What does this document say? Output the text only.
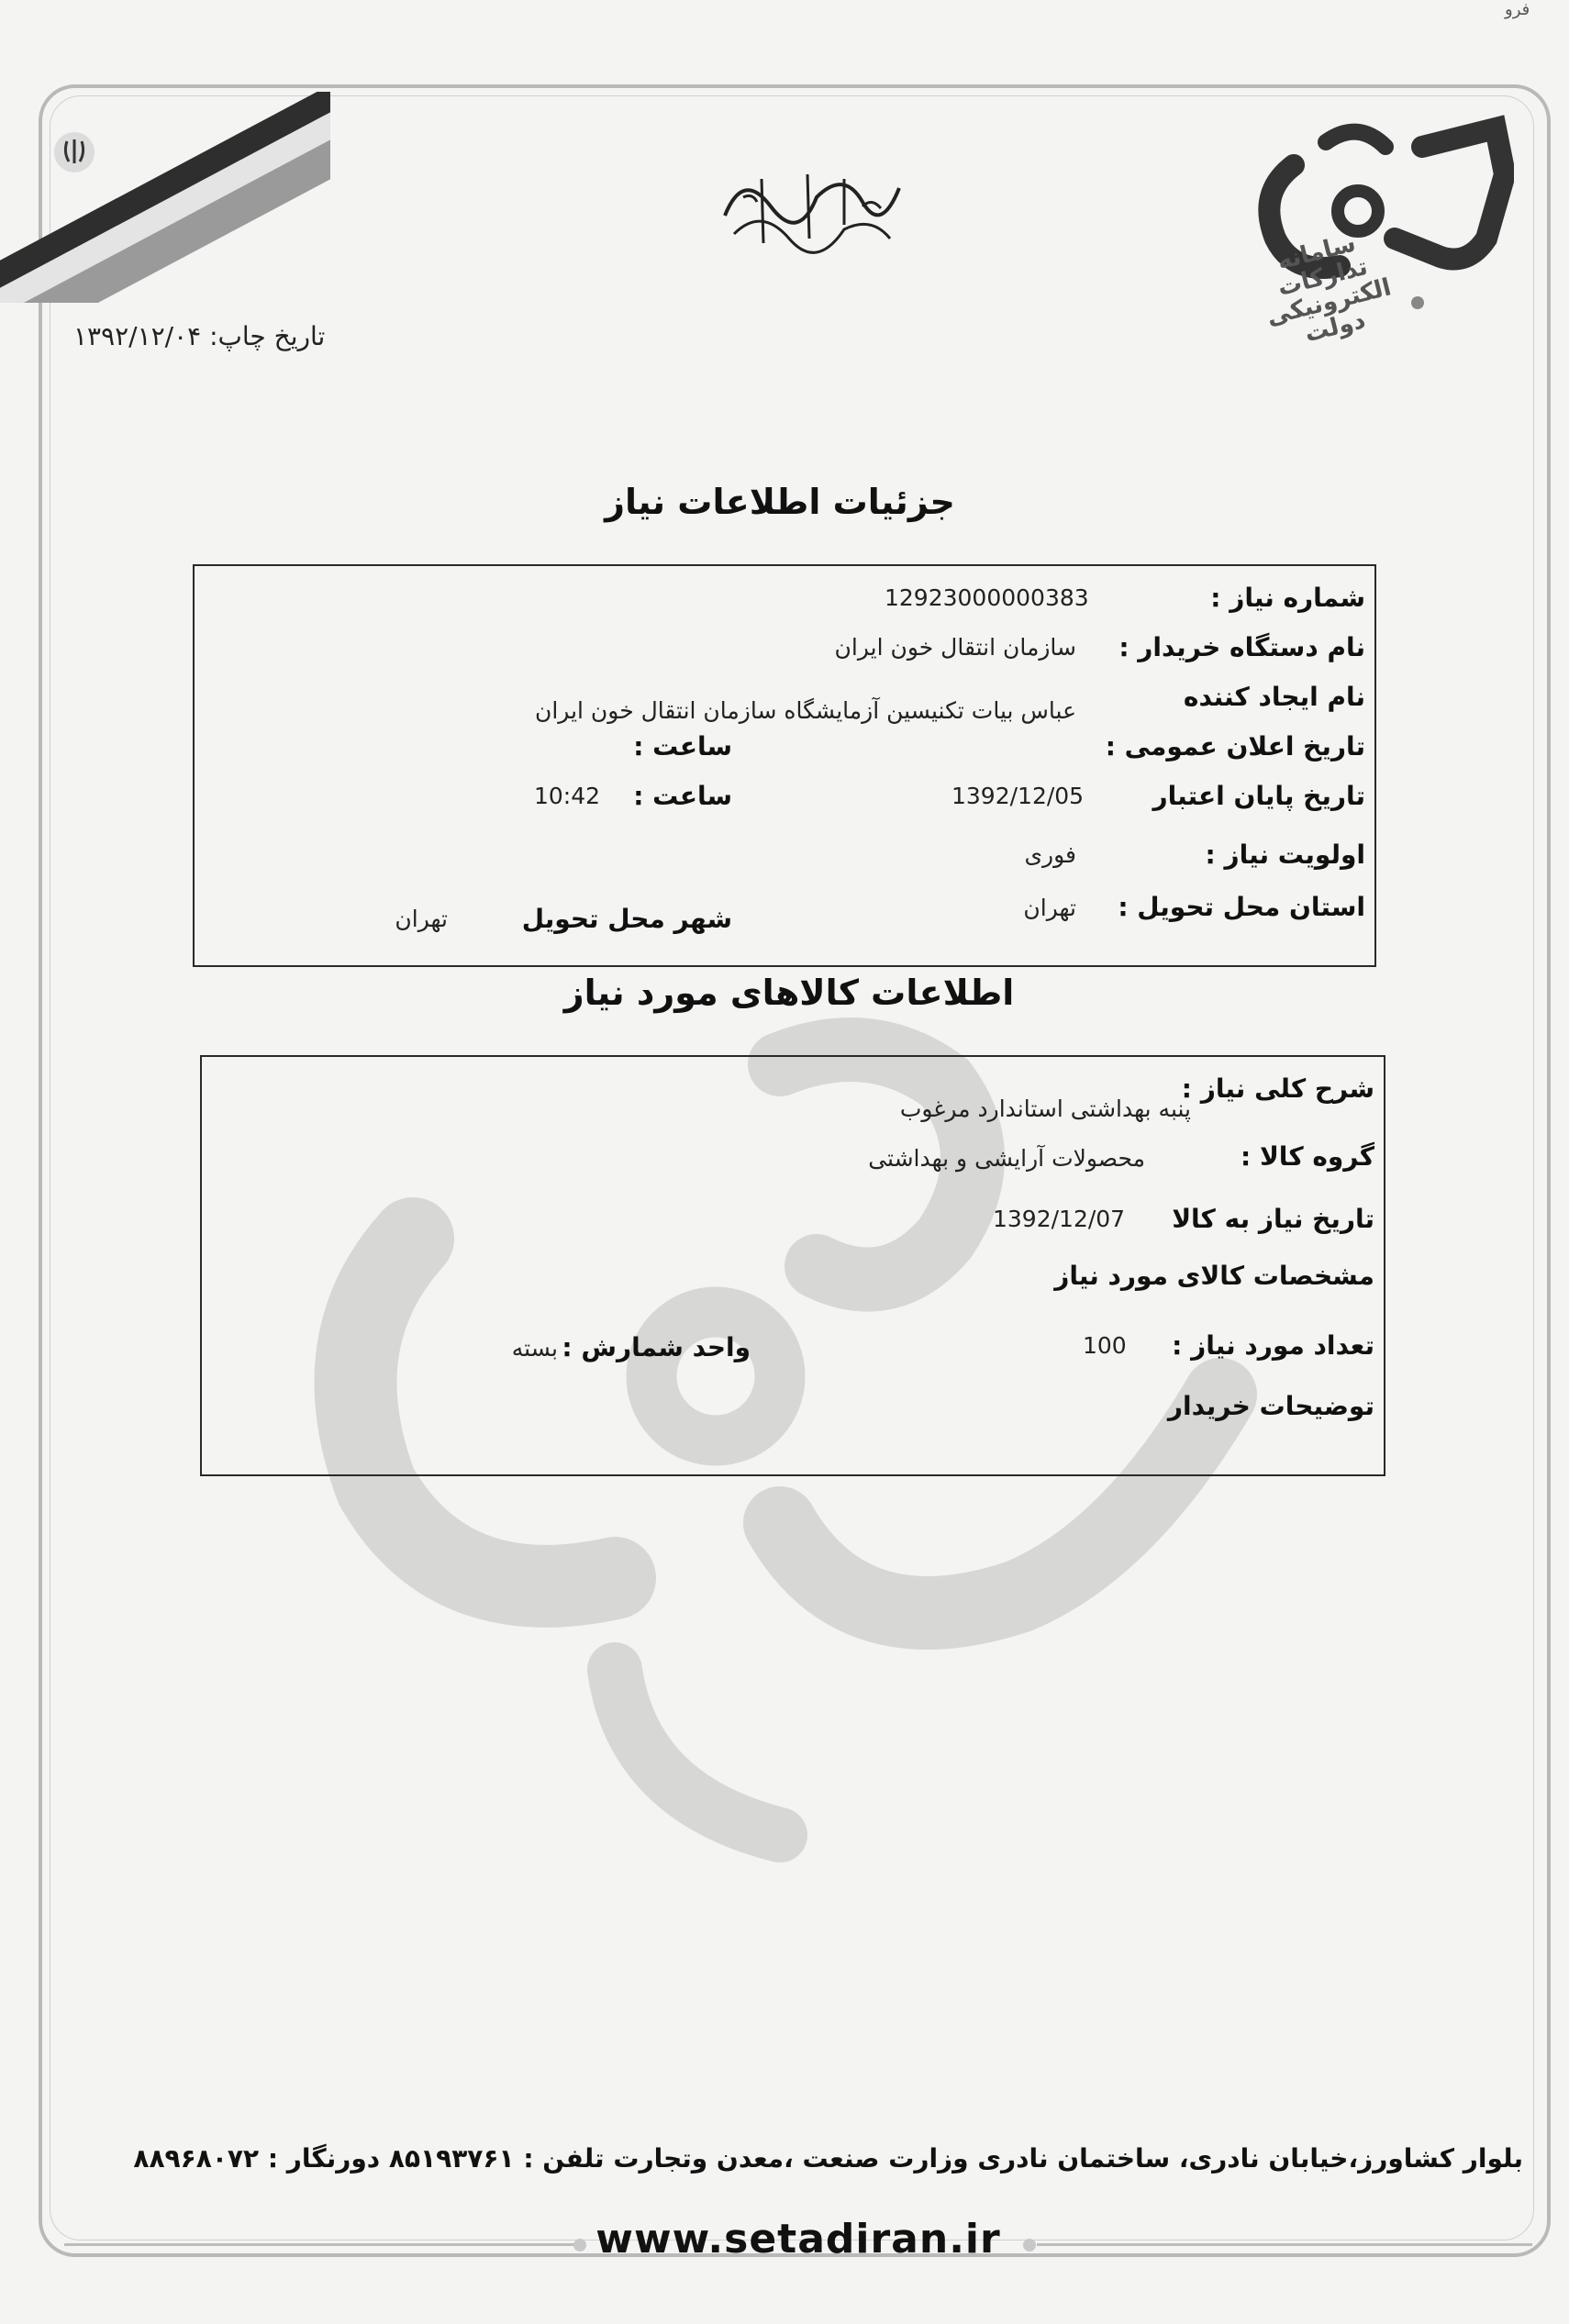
فرو
سامانه تدارکات الکترونیکی دولت
تاریخ چاپ: ۱۳۹۲/۱۲/۰۴
جزئیات اطلاعات نیاز
شماره نیاز :
12923000000383
نام دستگاه خریدار :
سازمان انتقال خون ایران
نام ایجاد کننده
عباس بیات تکنیسین آزمایشگاه سازمان انتقال خون ایران
تاریخ اعلان عمومی :
ساعت :
تاریخ پایان اعتبار
1392/12/05
ساعت :
10:42
اولویت نیاز :
فوری
استان محل تحویل :
تهران
شهر محل تحویل
تهران
اطلاعات کالاهای مورد نیاز
شرح کلی نیاز :
پنبه بهداشتی استاندارد مرغوب
گروه کالا :
محصولات آرایشی و بهداشتی
تاریخ نیاز به کالا
1392/12/07
مشخصات کالای مورد نیاز
تعداد مورد نیاز :
100
واحد شمارش :
بسته
توضیحات خریدار
بلوار کشاورز،خیابان نادری، ساختمان نادری وزارت صنعت ،معدن وتجارت تلفن : ۸۵۱۹۳۷۶۱ دورنگار : ۸۸۹۶۸۰۷۲
www.setadiran.ir
